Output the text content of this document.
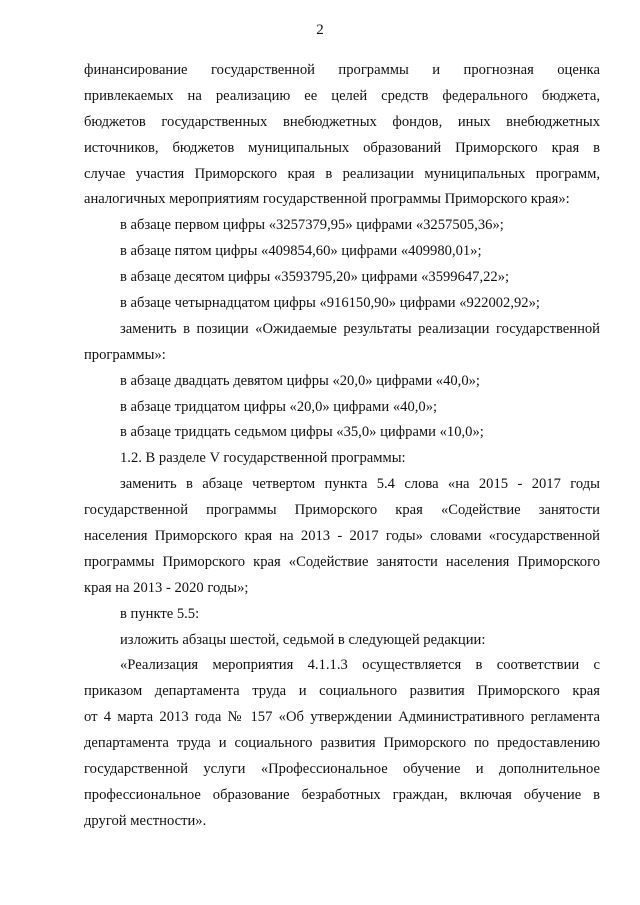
2
финансирование государственной программы и прогнозная оценка
привлекаемых на реализацию ее целей средств федерального бюджета,
бюджетов государственных внебюджетных фондов, иных внебюджетных
источников, бюджетов муниципальных образований Приморского края в
случае участия Приморского края в реализации муниципальных программ,
аналогичных мероприятиям государственной программы Приморского края»:
в абзаце первом цифры «3257379,95» цифрами «3257505,36»;
в абзаце пятом цифры «409854,60» цифрами «409980,01»;
в абзаце десятом цифры «3593795,20» цифрами «3599647,22»;
в абзаце четырнадцатом цифры «916150,90» цифрами «922002,92»;
заменить в позиции «Ожидаемые результаты реализации государственной
программы»:
в абзаце двадцать девятом цифры «20,0» цифрами «40,0»;
в абзаце тридцатом цифры «20,0» цифрами «40,0»;
в абзаце тридцать седьмом цифры «35,0» цифрами «10,0»;
1.2. В разделе V государственной программы:
заменить в абзаце четвертом пункта 5.4 слова «на 2015 - 2017 годы
государственной программы Приморского края «Содействие занятости
населения Приморского края на 2013 - 2017 годы» словами «государственной
программы Приморского края «Содействие занятости населения Приморского
края на 2013 - 2020 годы»;
в пункте 5.5:
изложить абзацы шестой, седьмой в следующей редакции:
«Реализация мероприятия 4.1.1.3 осуществляется в соответствии с
приказом департамента труда и социального развития Приморского края
от 4 марта 2013 года № 157 «Об утверждении Административного регламента
департамента труда и социального развития Приморского по предоставлению
государственной услуги «Профессиональное обучение и дополнительное
профессиональное образование безработных граждан, включая обучение в
другой местности».
